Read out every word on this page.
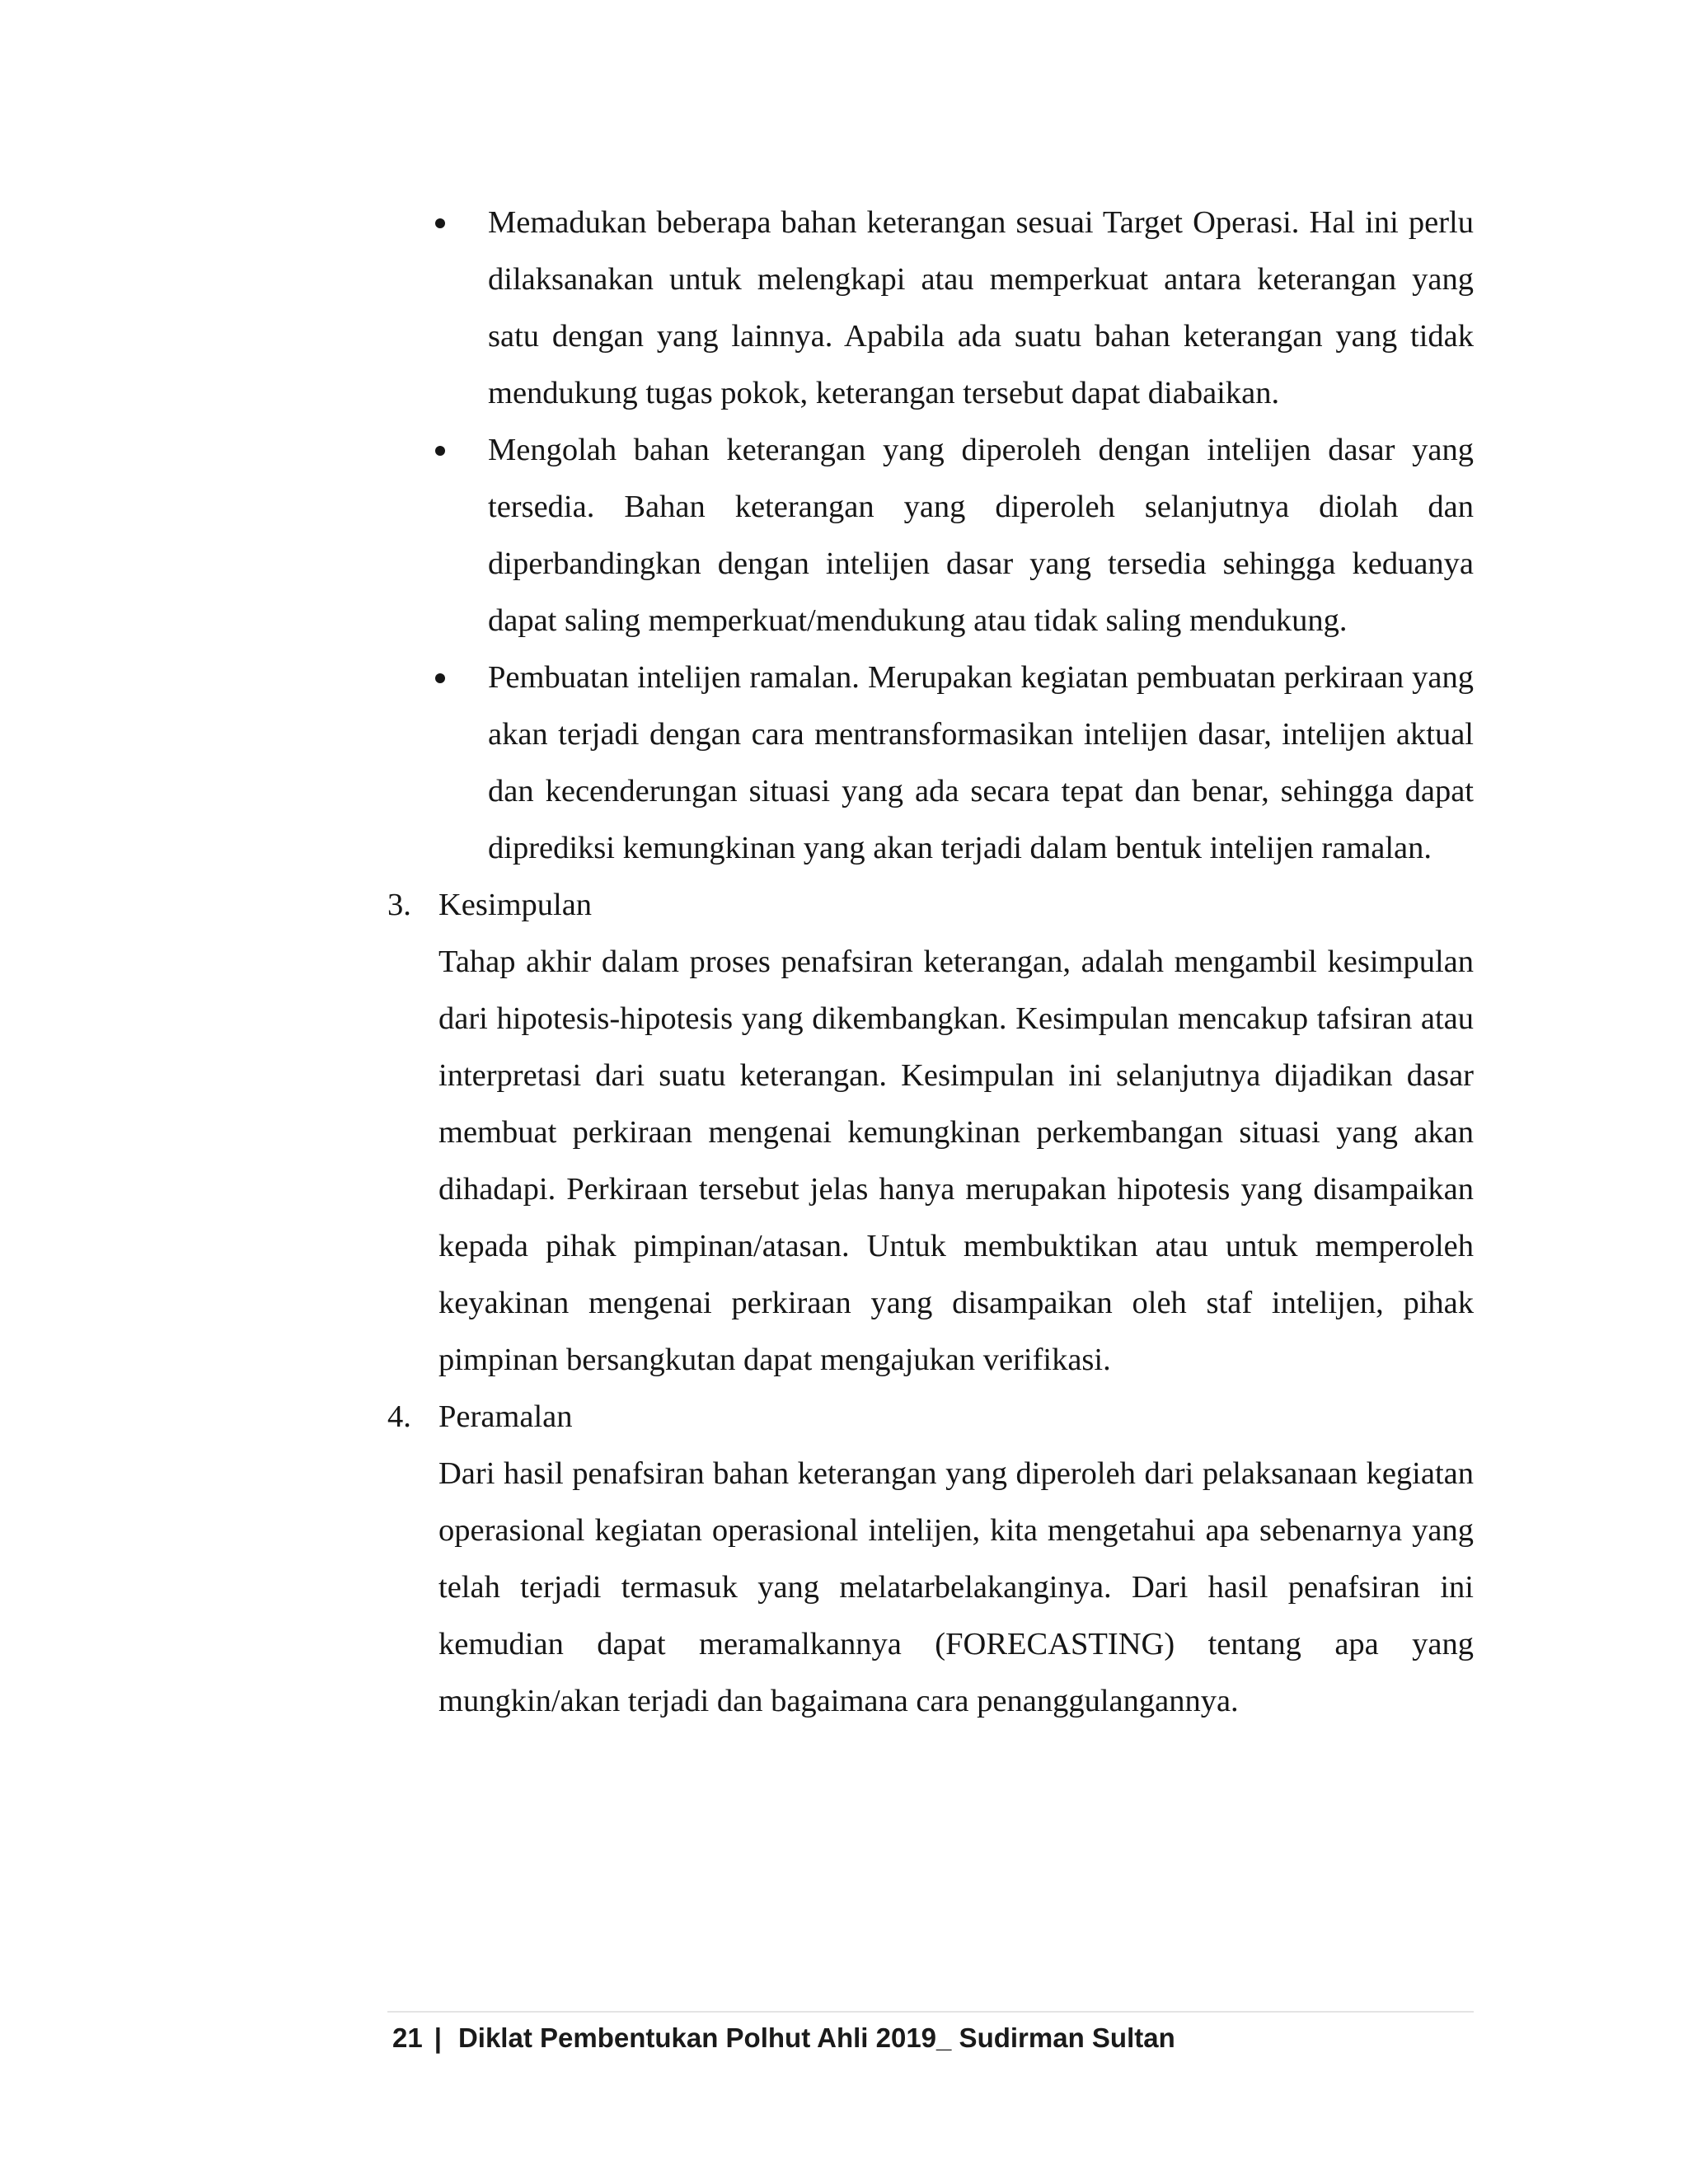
Memadukan beberapa bahan keterangan sesuai Target Operasi. Hal ini perlu dilaksanakan untuk melengkapi atau memperkuat antara keterangan yang satu dengan yang lainnya. Apabila ada suatu bahan keterangan yang tidak mendukung tugas pokok, keterangan tersebut dapat diabaikan.
Mengolah bahan keterangan yang diperoleh dengan intelijen dasar yang tersedia. Bahan keterangan yang diperoleh selanjutnya diolah dan diperbandingkan dengan intelijen dasar yang tersedia sehingga keduanya dapat saling memperkuat/mendukung atau tidak saling mendukung.
Pembuatan intelijen ramalan. Merupakan kegiatan pembuatan perkiraan yang akan terjadi dengan cara mentransformasikan intelijen dasar, intelijen aktual dan kecenderungan situasi yang ada secara tepat dan benar, sehingga dapat diprediksi kemungkinan yang akan terjadi dalam bentuk intelijen ramalan.
3. Kesimpulan

Tahap akhir dalam proses penafsiran keterangan, adalah mengambil kesimpulan dari hipotesis-hipotesis yang dikembangkan. Kesimpulan mencakup tafsiran atau interpretasi dari suatu keterangan. Kesimpulan ini selanjutnya dijadikan dasar membuat perkiraan mengenai kemungkinan perkembangan situasi yang akan dihadapi. Perkiraan tersebut jelas hanya merupakan hipotesis yang disampaikan kepada pihak pimpinan/atasan. Untuk membuktikan atau untuk memperoleh keyakinan mengenai perkiraan yang disampaikan oleh staf intelijen, pihak pimpinan bersangkutan dapat mengajukan verifikasi.

4. Peramalan

Dari hasil penafsiran bahan keterangan yang diperoleh dari pelaksanaan kegiatan operasional kegiatan operasional intelijen, kita mengetahui apa sebenarnya yang telah terjadi termasuk yang melatarbelakanginya. Dari hasil penafsiran ini kemudian dapat meramalkannya (FORECASTING) tentang apa yang mungkin/akan terjadi dan bagaimana cara penanggulangannya.

21 | Diklat Pembentukan Polhut Ahli 2019_ Sudirman Sultan
